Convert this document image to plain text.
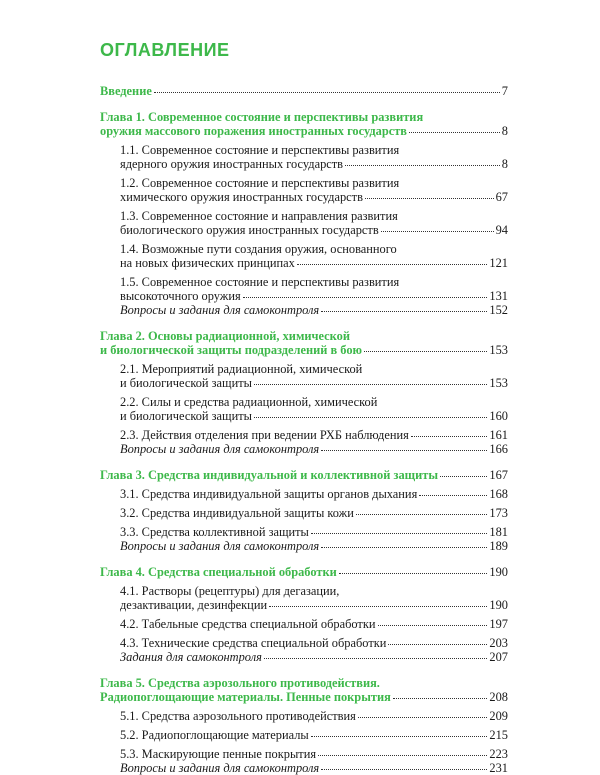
ОГЛАВЛЕНИЕ
Введение	7
Глава 1. Современное состояние и перспективы развития
оружия массового поражения иностранных государств	8
1.1. Современное состояние и перспективы развития
ядерного оружия иностранных государств	8
1.2. Современное состояние и перспективы развития
химического оружия иностранных государств	67
1.3. Современное состояние и направления развития
биологического оружия иностранных государств	94
1.4. Возможные пути создания оружия, основанного
на новых физических принципах	121
1.5. Современное состояние и перспективы развития
высокоточного оружия	131
Вопросы и задания для самоконтроля	152
Глава 2. Основы радиационной, химической
и биологической защиты подразделений в бою	153
2.1. Мероприятий радиационной, химической
и биологической защиты	153
2.2. Силы и средства радиационной, химической
и биологической защиты	160
2.3. Действия отделения при ведении РХБ наблюдения	161
Вопросы и задания для самоконтроля	166
Глава 3. Средства индивидуальной и коллективной защиты	167
3.1. Средства индивидуальной защиты органов дыхания	168
3.2. Средства индивидуальной защиты кожи	173
3.3. Средства коллективной защиты	181
Вопросы и задания для самоконтроля	189
Глава 4. Средства специальной обработки	190
4.1. Растворы (рецептуры) для дегазации,
дезактивации, дезинфекции	190
4.2. Табельные средства специальной обработки	197
4.3. Технические средства специальной обработки	203
Задания для самоконтроля	207
Глава 5. Средства аэрозольного противодействия.
Радиопоглощающие материалы. Пенные покрытия	208
5.1. Средства аэрозольного противодействия	209
5.2. Радиопоглощающие материалы	215
5.3. Маскирующие пенные покрытия	223
Вопросы и задания для самоконтроля	231
